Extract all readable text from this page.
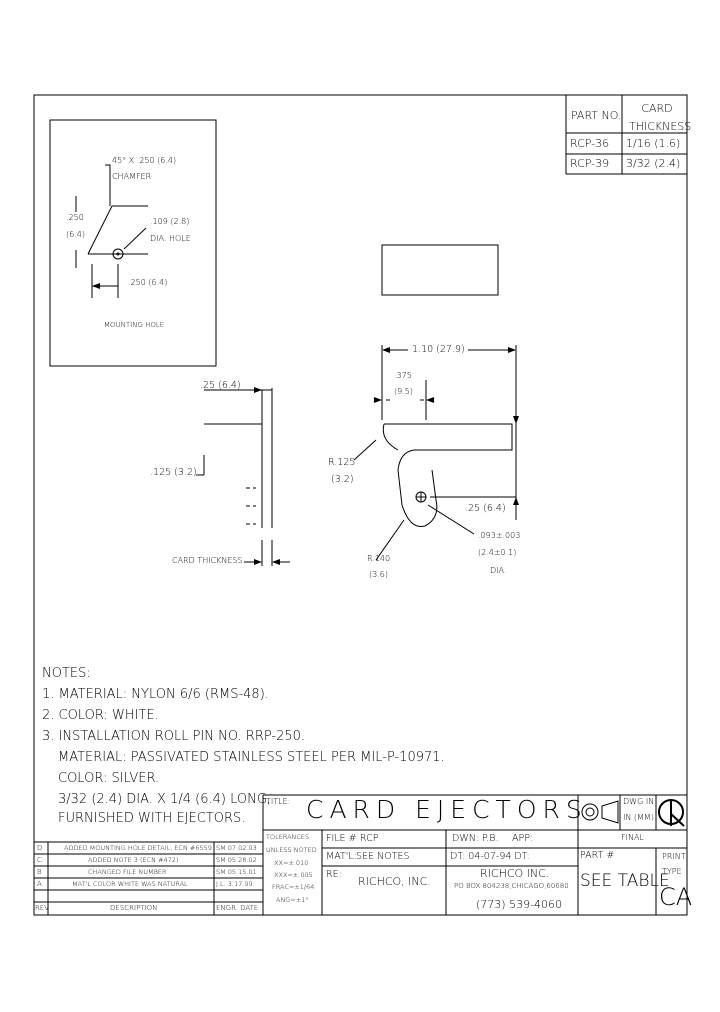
PART NO.
CARD THICKNESS
RCP-36 1/16 (1.6)
RCP-39 3/32 (2.4)
45° X .250 (6.4)
CHAMFER
.250
(6.4)
.109 (2.8)
DIA. HOLE
.250 (6.4)
MOUNTING HOLE
.25 (6.4)
.125 (3.2)
CARD THICKNESS
1.10 (27.9)
.375
(9.5)
R.125
(3.2)
.25 (6.4)
R.140
(3.6)
.093±.003
(2.4±0.1)
DIA.
NOTES:
1. MATERIAL: NYLON 6/6 (RMS-48).
2. COLOR: WHITE.
3. INSTALLATION ROLL PIN NO. RRP-250.
MATERIAL: PASSIVATED STAINLESS STEEL PER MIL-P-10971.
COLOR: SILVER.
3/32 (2.4) DIA. X 1/4 (6.4) LONG,
FURNISHED WITH EJECTORS.
TITLE: CARD EJECTORS	DWG IN
IN (MM)
FINAL
TOLERANCES
UNLESS NOTED
.XX=±.010
.XXX=±.005
FRAC=±1/64
ANG=±1°
FILE # RCP
MAT'L: SEE NOTES
RE:
RICHCO, INC.
DWN: P.B. APP:
DT: 04-07-94 DT:
RICHCO INC.
PO BOX 804238,CHICAGO,60680
(773) 539-4060
PART #
SEE TABLE
PRINT
TYPE
CA
D	ADDED MOUNTING HOLE DETAIL, ECN #6559 SM 07.02.03
C	ADDED NOTE 3 (ECN #472)	SM 05.28.02
B	CHANGED FILE NUMBER	SM 05.15.01
A	MAT'L COLOR WHITE WAS NATURAL	J.L. 3.17.99
REV	DESCRIPTION	ENGR. DATE
